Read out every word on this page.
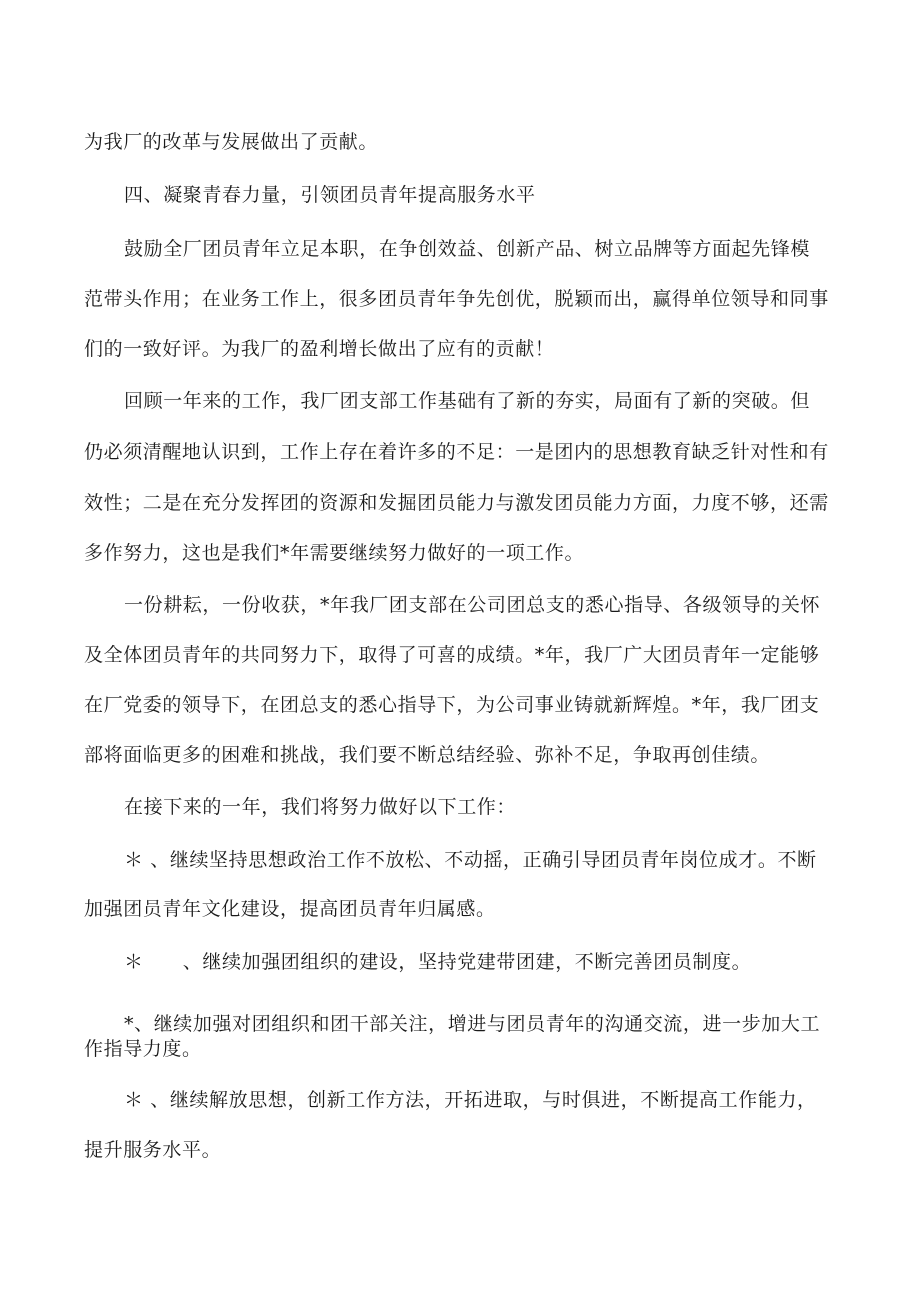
为我厂的改革与发展做出了贡献。
四、凝聚青春力量，引领团员青年提高服务水平
鼓励全厂团员青年立足本职，在争创效益、创新产品、树立品牌等方面起先锋模
范带头作用；在业务工作上，很多团员青年争先创优，脱颖而出，赢得单位领导和同事
们的一致好评。为我厂的盈利增长做出了应有的贡献！
回顾一年来的工作，我厂团支部工作基础有了新的夯实，局面有了新的突破。但
仍必须清醒地认识到，工作上存在着许多的不足：一是团内的思想教育缺乏针对性和有
效性；二是在充分发挥团的资源和发掘团员能力与激发团员能力方面，力度不够，还需
多作努力，这也是我们*年需要继续努力做好的一项工作。
一份耕耘，一份收获，*年我厂团支部在公司团总支的悉心指导、各级领导的关怀
及全体团员青年的共同努力下，取得了可喜的成绩。*年，我厂广大团员青年一定能够
在厂党委的领导下，在团总支的悉心指导下，为公司事业铸就新辉煌。*年，我厂团支
部将面临更多的困难和挑战，我们要不断总结经验、弥补不足，争取再创佳绩。
在接下来的一年，我们将努力做好以下工作：
＊ 、继续坚持思想政治工作不放松、不动摇，正确引导团员青年岗位成才。不断
加强团员青年文化建设，提高团员青年归属感。
＊　　、继续加强团组织的建设，坚持党建带团建，不断完善团员制度。
*、继续加强对团组织和团干部关注，增进与团员青年的沟通交流，进一步加大工
作指导力度。
＊ 、继续解放思想，创新工作方法，开拓进取，与时俱进，不断提高工作能力，
提升服务水平。
